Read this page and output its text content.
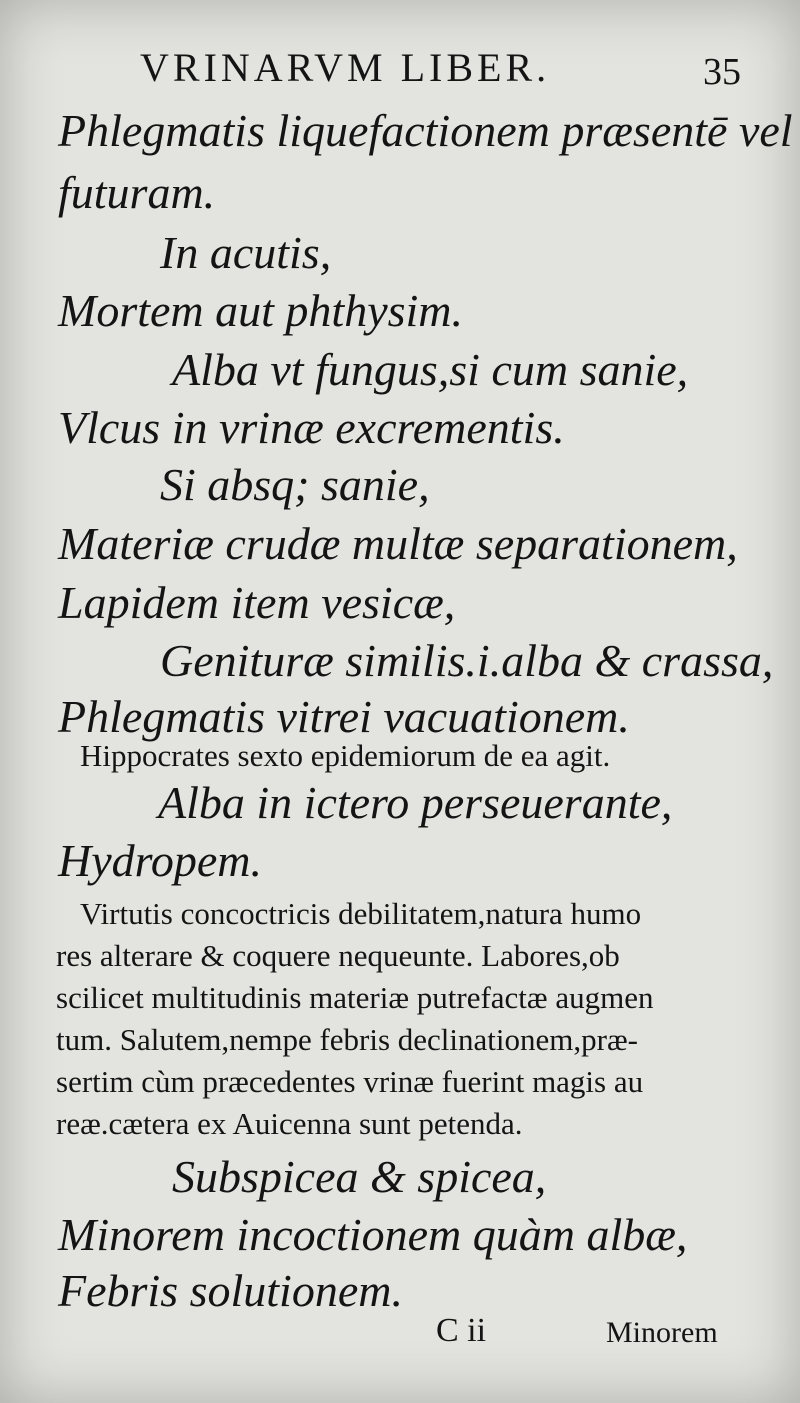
VRINARVM LIBER.	35
Phlegmatis liquefactionem præsentē vel
futuram.
In acutis,
Mortem aut phthysim.
Alba vt fungus,si cum sanie,
Vlcus in vrinæ excrementis.
Si absq; sanie,
Materiæ crudæ multæ separationem,
Lapidem item vesicæ,
Genituræ similis.i.alba & crassa,
Phlegmatis vitrei vacuationem.
Hippocrates sexto epidemiorum de ea agit.
Alba in ictero perseuerante,
Hydropem.
Virtutis concoctricis debilitatem,natura humo
res alterare & coquere nequeunte. Labores,ob
scilicet multitudinis materiæ putrefactæ augmen
tum. Salutem,nempe febris declinationem,præ-
sertim cùm præcedentes vrinæ fuerint magis au
reæ.cætera ex Auicenna sunt petenda.
Subspicea & spicea,
Minorem incoctionem quàm albæ,
Febris solutionem.
C ii	Minorem
